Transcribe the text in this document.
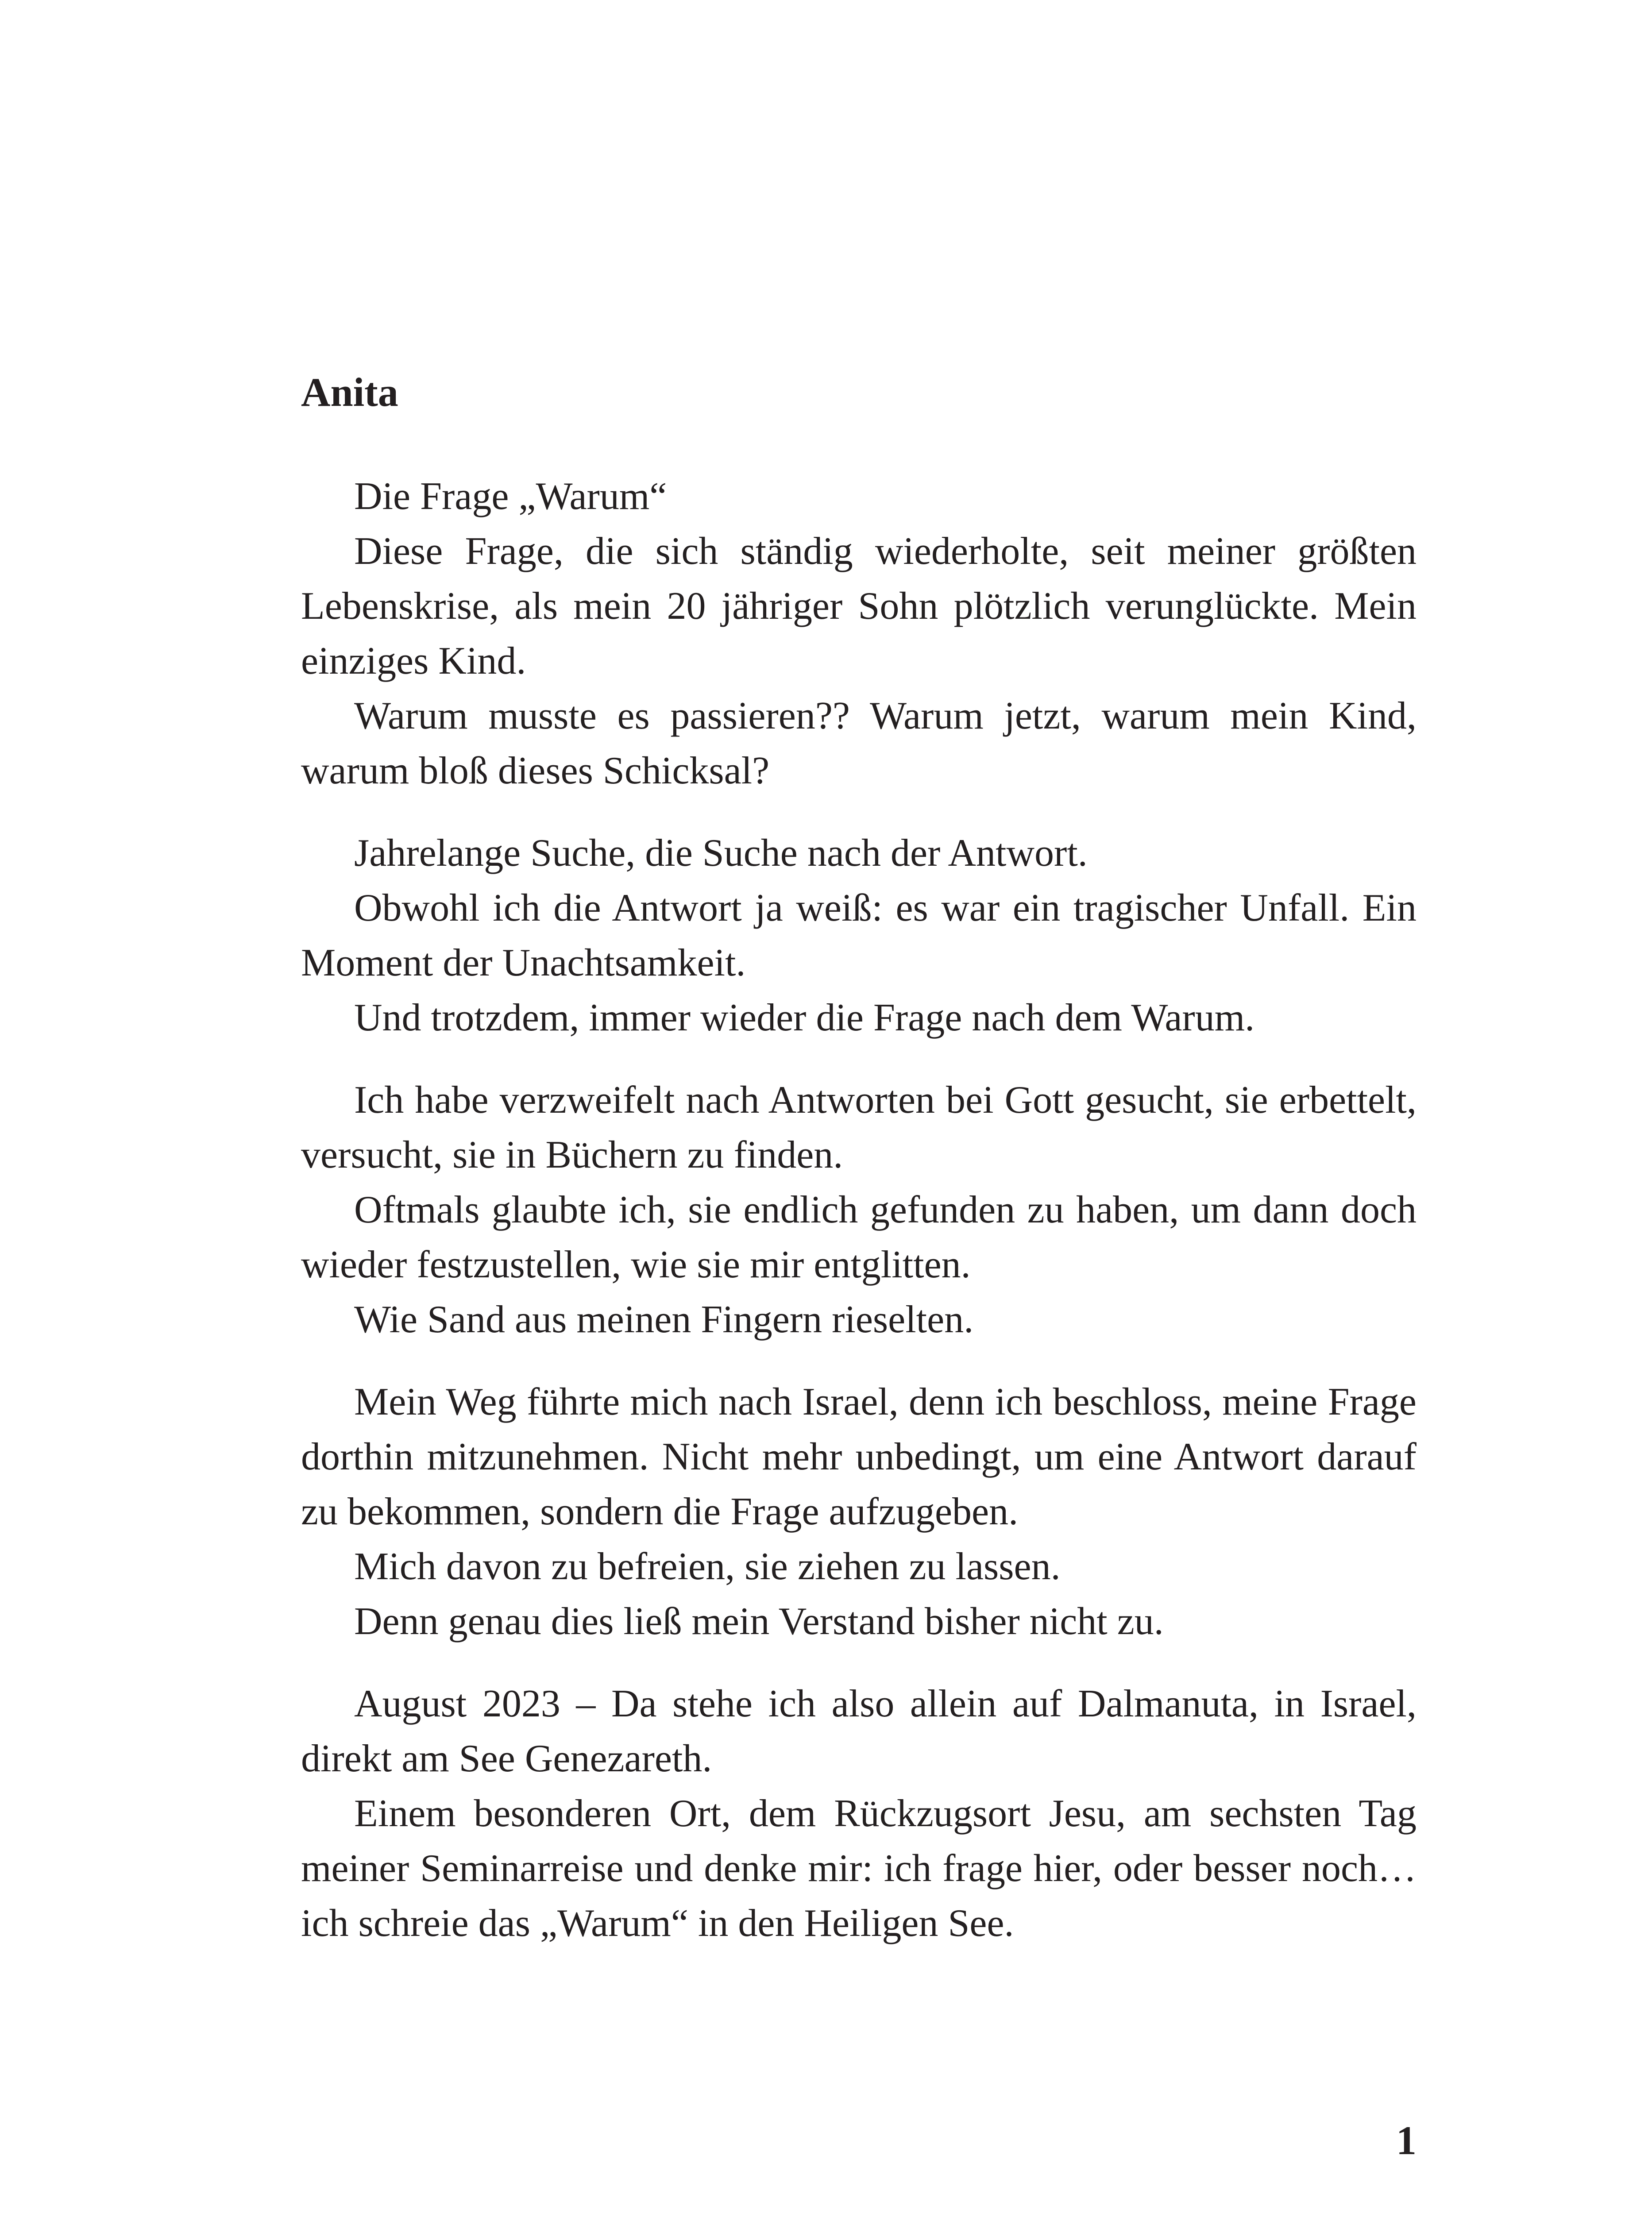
Anita

Die Frage „Warum“

Diese Frage, die sich ständig wiederholte, seit meiner größten Lebenskrise, als mein 20 jähriger Sohn plötzlich verunglückte. Mein einziges Kind.

Warum musste es passieren?? Warum jetzt, warum mein Kind, warum bloß dieses Schicksal?

Jahrelange Suche, die Suche nach der Antwort.

Obwohl ich die Antwort ja weiß: es war ein tragischer Unfall. Ein Moment der Unachtsamkeit.

Und trotzdem, immer wieder die Frage nach dem Warum.

Ich habe verzweifelt nach Antworten bei Gott gesucht, sie erbettelt, versucht, sie in Büchern zu finden.

Oftmals glaubte ich, sie endlich gefunden zu haben, um dann doch wieder festzustellen, wie sie mir entglitten.

Wie Sand aus meinen Fingern rieselten.

Mein Weg führte mich nach Israel, denn ich beschloss, meine Frage dorthin mitzunehmen. Nicht mehr unbedingt, um eine Antwort darauf zu bekommen, sondern die Frage aufzugeben.

Mich davon zu befreien, sie ziehen zu lassen.

Denn genau dies ließ mein Verstand bisher nicht zu.

August 2023 – Da stehe ich also allein auf Dalmanuta, in Israel, direkt am See Genezareth.

Einem besonderen Ort, dem Rückzugsort Jesu, am sechsten Tag meiner Seminarreise und denke mir: ich frage hier, oder besser noch… ich schreie das „Warum“ in den Heiligen See.

1
